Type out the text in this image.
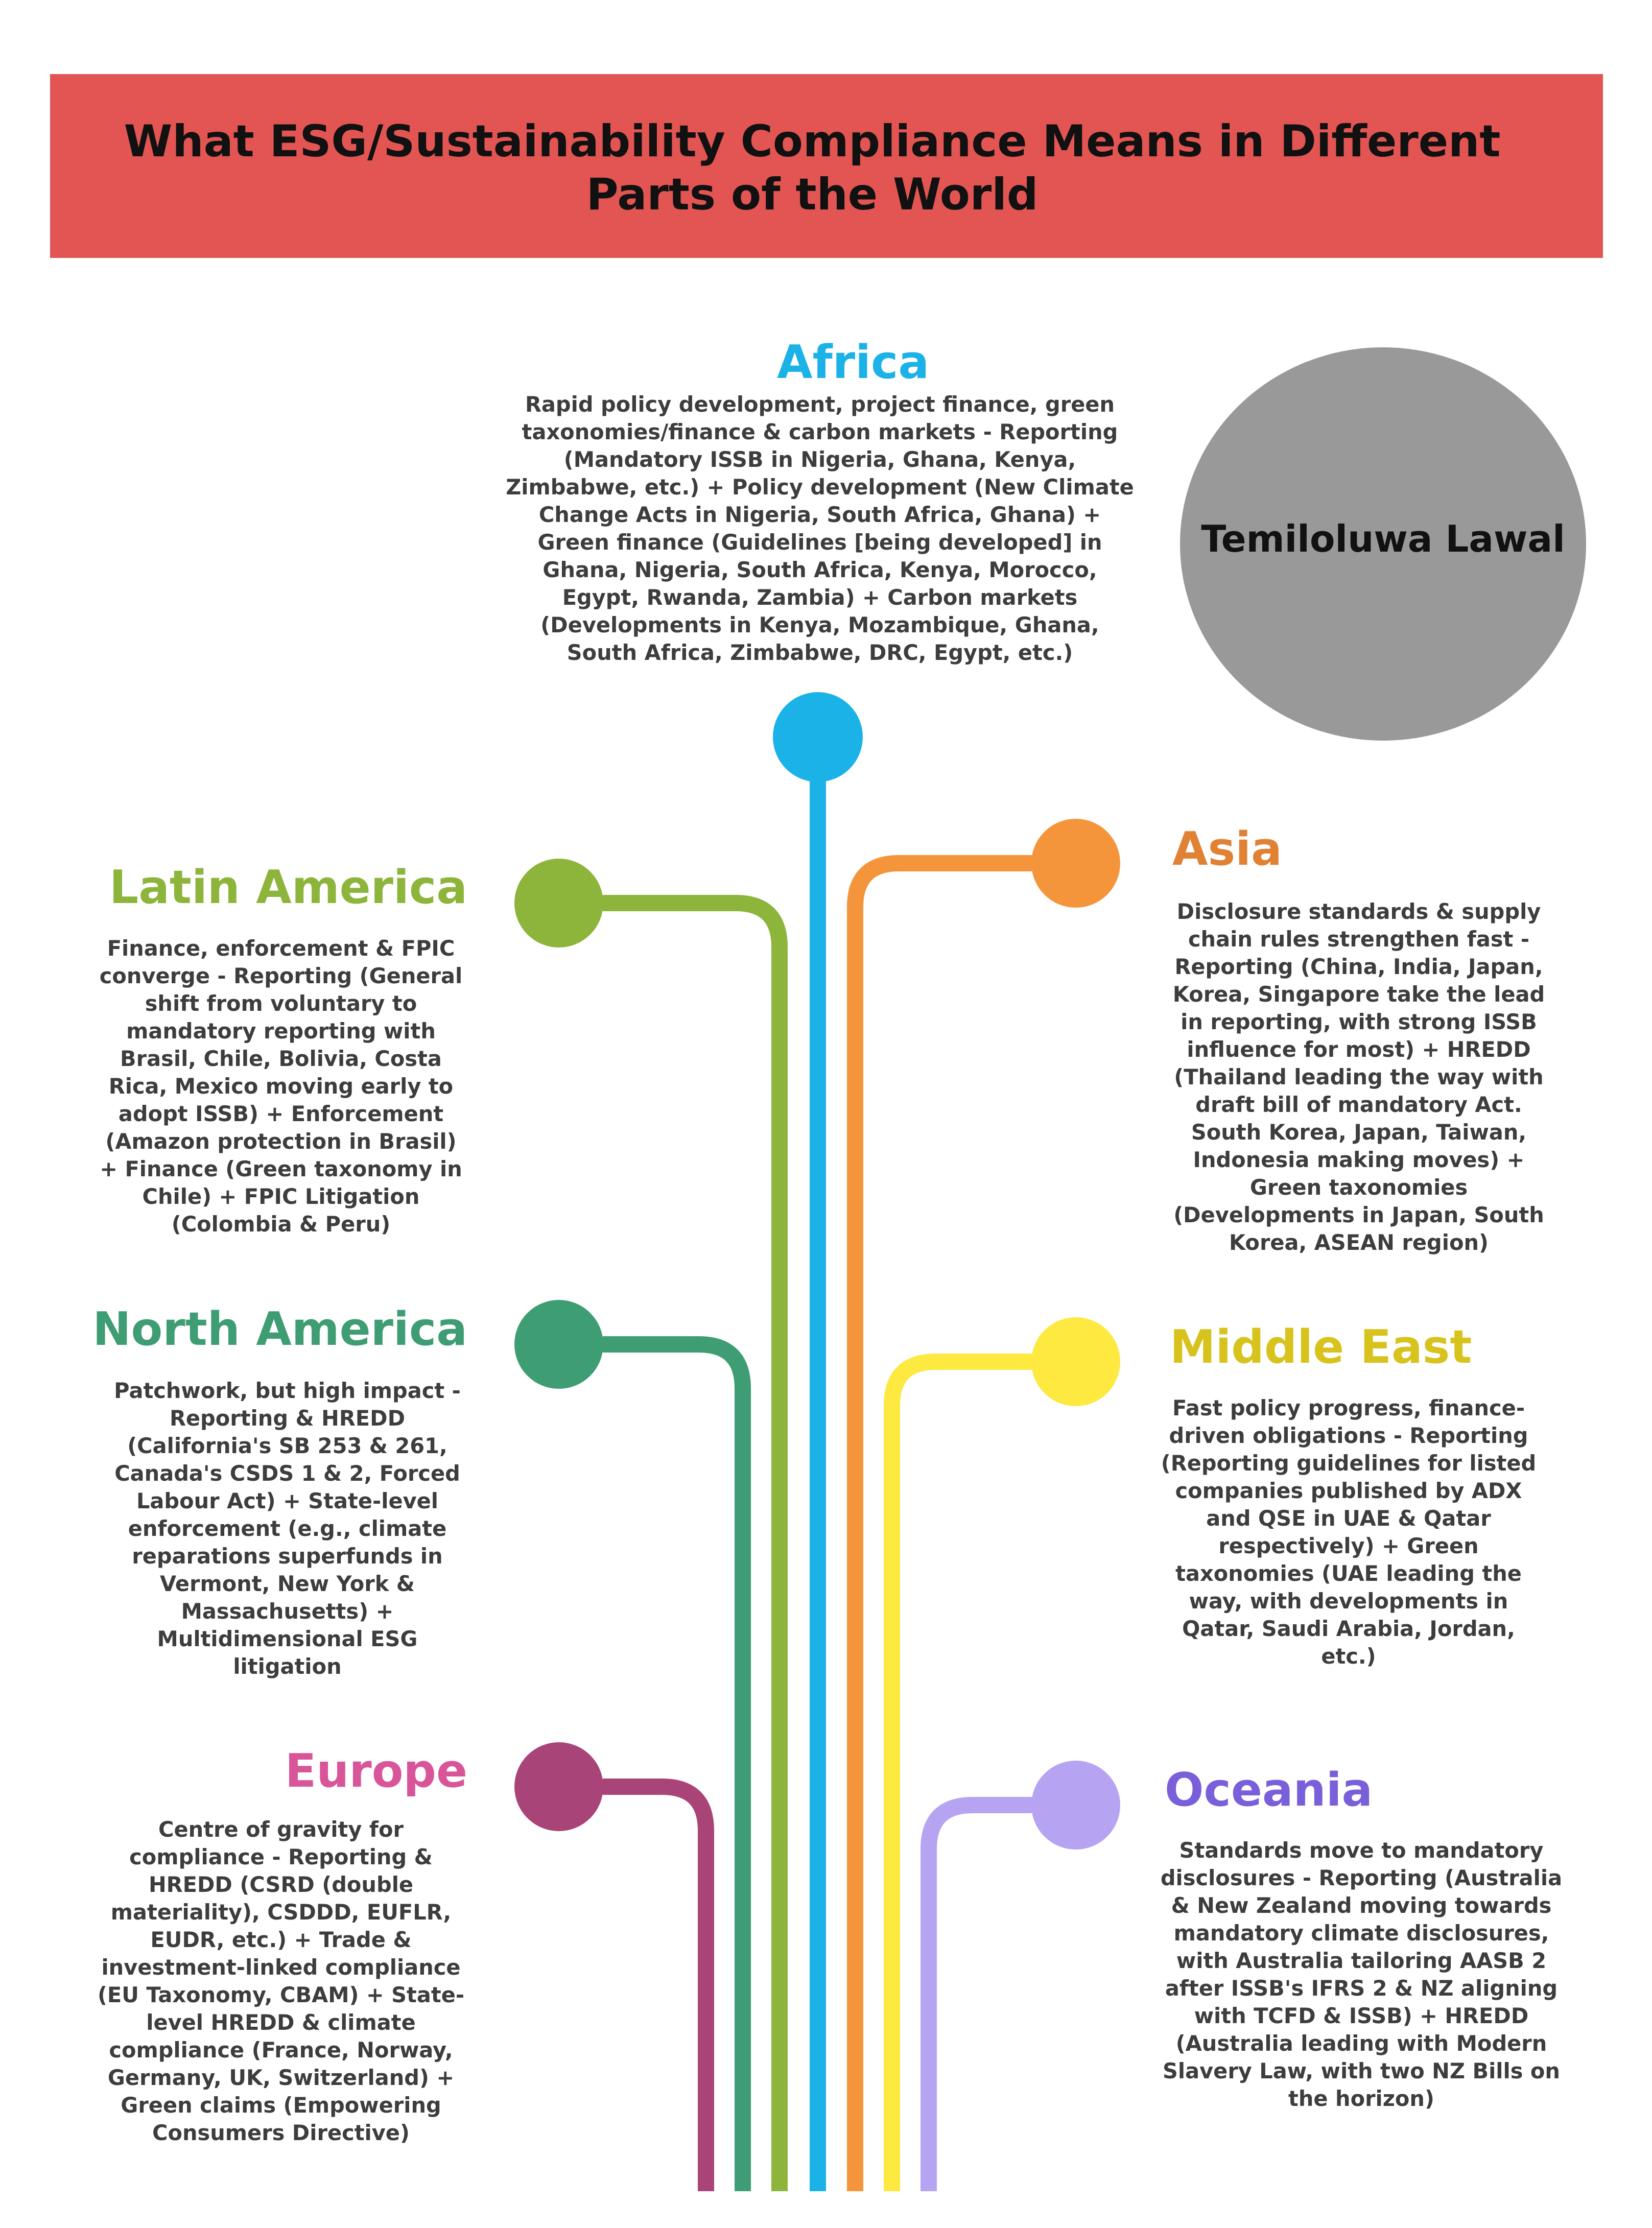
What ESG/Sustainability Compliance Means in Different Parts of the World
Temiloluwa Lawal
Africa

Rapid policy development, project finance, green taxonomies/finance & carbon markets - Reporting (Mandatory ISSB in Nigeria, Ghana, Kenya, Zimbabwe, etc.) + Policy development (New Climate Change Acts in Nigeria, South Africa, Ghana) + Green finance (Guidelines [being developed] in Ghana, Nigeria, South Africa, Kenya, Morocco, Egypt, Rwanda, Zambia) + Carbon markets (Developments in Kenya, Mozambique, Ghana, South Africa, Zimbabwe, DRC, Egypt, etc.)

Latin America

Finance, enforcement & FPIC converge - Reporting (General shift from voluntary to mandatory reporting with Brasil, Chile, Bolivia, Costa Rica, Mexico moving early to adopt ISSB) + Enforcement (Amazon protection in Brasil) + Finance (Green taxonomy in Chile) + FPIC Litigation (Colombia & Peru)

North America

Patchwork, but high impact - Reporting & HREDD (California's SB 253 & 261, Canada's CSDS 1 & 2, Forced Labour Act) + State-level enforcement (e.g., climate reparations superfunds in Vermont, New York & Massachusetts) + Multidimensional ESG litigation

Europe

Centre of gravity for compliance - Reporting & HREDD (CSRD (double materiality), CSDDD, EUFLR, EUDR, etc.) + Trade & investment-linked compliance (EU Taxonomy, CBAM) + State-level HREDD & climate compliance (France, Norway, Germany, UK, Switzerland) + Green claims (Empowering Consumers Directive)

Asia

Disclosure standards & supply chain rules strengthen fast - Reporting (China, India, Japan, Korea, Singapore take the lead in reporting, with strong ISSB influence for most) + HREDD (Thailand leading the way with draft bill of mandatory Act. South Korea, Japan, Taiwan, Indonesia making moves) + Green taxonomies (Developments in Japan, South Korea, ASEAN region)

Middle East

Fast policy progress, finance-driven obligations - Reporting (Reporting guidelines for listed companies published by ADX and QSE in UAE & Qatar respectively) + Green taxonomies (UAE leading the way, with developments in Qatar, Saudi Arabia, Jordan, etc.)

Oceania

Standards move to mandatory disclosures - Reporting (Australia & New Zealand moving towards mandatory climate disclosures, with Australia tailoring AASB 2 after ISSB's IFRS 2 & NZ aligning with TCFD & ISSB) + HREDD (Australia leading with Modern Slavery Law, with two NZ Bills on the horizon)
